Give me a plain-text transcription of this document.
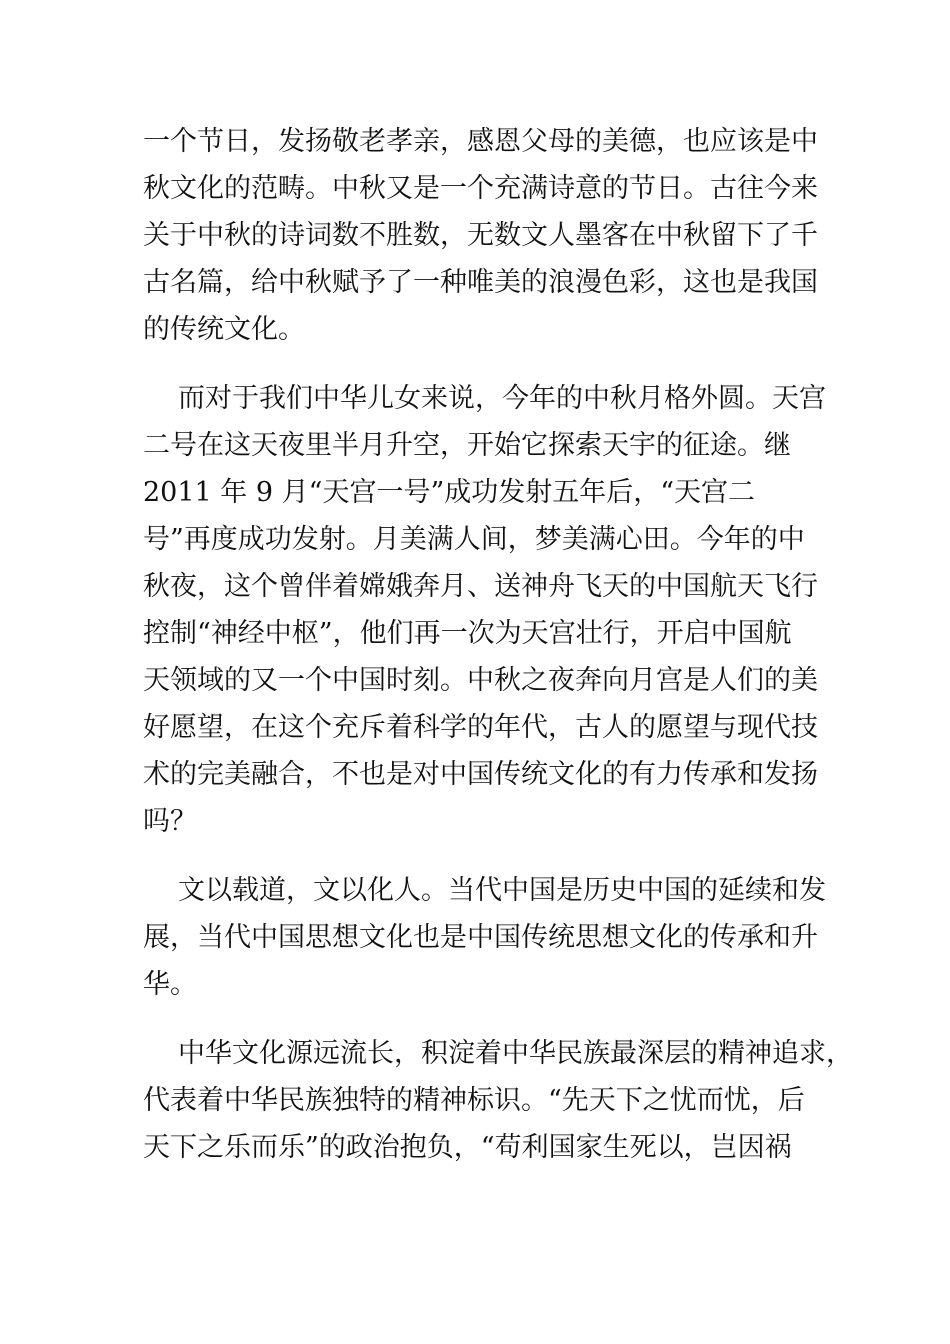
一个节日，发扬敬老孝亲，感恩父母的美德，也应该是中
秋文化的范畴。中秋又是一个充满诗意的节日。古往今来
关于中秋的诗词数不胜数，无数文人墨客在中秋留下了千
古名篇，给中秋赋予了一种唯美的浪漫色彩，这也是我国
的传统文化。
而对于我们中华儿女来说，今年的中秋月格外圆。天宫
二号在这天夜里半月升空，开始它探索天宇的征途。继
2011 年 9 月“天宫一号”成功发射五年后，“天宫二
号”再度成功发射。月美满人间，梦美满心田。今年的中
秋夜，这个曾伴着嫦娥奔月、送神舟飞天的中国航天飞行
控制“神经中枢”，他们再一次为天宫壮行，开启中国航
天领域的又一个中国时刻。中秋之夜奔向月宫是人们的美
好愿望，在这个充斥着科学的年代，古人的愿望与现代技
术的完美融合，不也是对中国传统文化的有力传承和发扬
吗？
文以载道，文以化人。当代中国是历史中国的延续和发
展，当代中国思想文化也是中国传统思想文化的传承和升
华。
中华文化源远流长，积淀着中华民族最深层的精神追求，
代表着中华民族独特的精神标识。“先天下之忧而忧，后
天下之乐而乐”的政治抱负，“苟利国家生死以，岂因祸
